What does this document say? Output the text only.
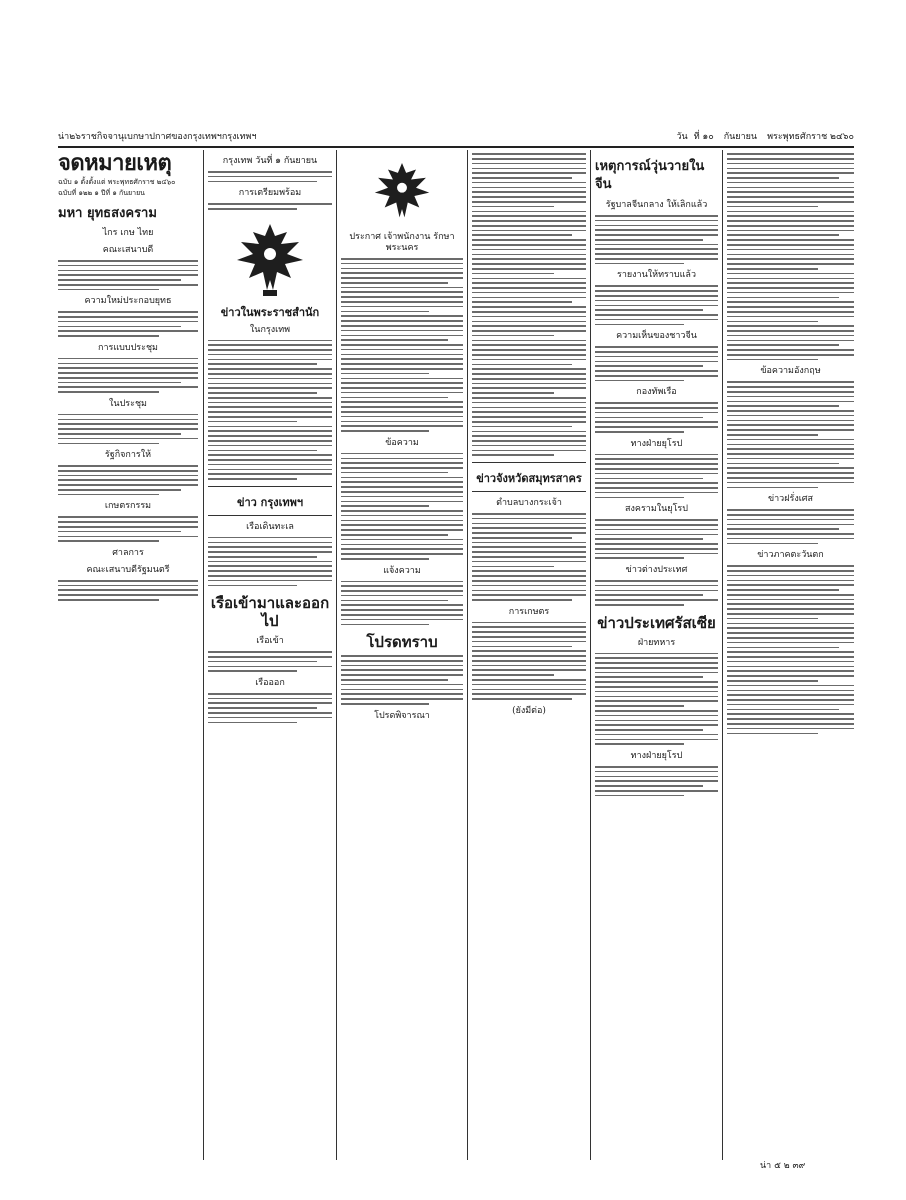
น่า๒๖ ราชกิจจานุเบกษา ปกาศของกรุงเทพฯ กรุงเทพฯ	วัน ที่ ๑๐ กันยายน พระพุทธศักราช ๒๔๖๐
จดหมายเหตุ
ฉบับ ๑ ตั้งตั้งแต่ พระพุทธศักราช ๒๔๖๐
ฉบับที่ ๑๒๒ ๑ ปีที่ ๑ กันยายน
มหา ยุทธสงคราม
ไกร เกษ ไทย
คณะเสนาบดี
ความใหม่ประกอบยุทธ
การแบบประชุม
ในประชุม
รัฐกิจการให้
เกษตรกรรม
ศาลการ
คณะเสนาบดีรัฐมนตรี
กรุงเทพ วันที่ ๑ กันยายน
การเตรียมพร้อม
ข่าวในพระราชสำนัก
ในกรุงเทพ
ข่าว กรุงเทพฯ
เรือเดินทะเล
เรือเข้ามาและออกไป
เรือเข้า
เรือออก
ประกาศ เจ้าพนักงาน รักษา พระนคร
ข้อความ
แจ้งความ
โปรดทราบ
โปรดพิจารณา
ข่าวจังหวัดสมุทรสาคร
ตำบลบางกระเจ้า
การเกษตร
(ยังมีต่อ)
เหตุการณ์วุ่นวายในจีน
รัฐบาลจีนกลาง ให้เลิกแล้ว
รายงานให้ทราบแล้ว
ความเห็นของชาวจีน
กองทัพเรือ
ทางฝ่ายยุโรป
สงครามในยุโรป
ข่าวต่างประเทศ
ข่าวประเทศรัสเซีย
ฝ่ายทหาร
ทางฝ่ายยุโรป
ข้อความอังกฤษ
ข่าวฝรั่งเศส
ข่าวภาคตะวันตก
น่า ๕ ๒ ๓๙
